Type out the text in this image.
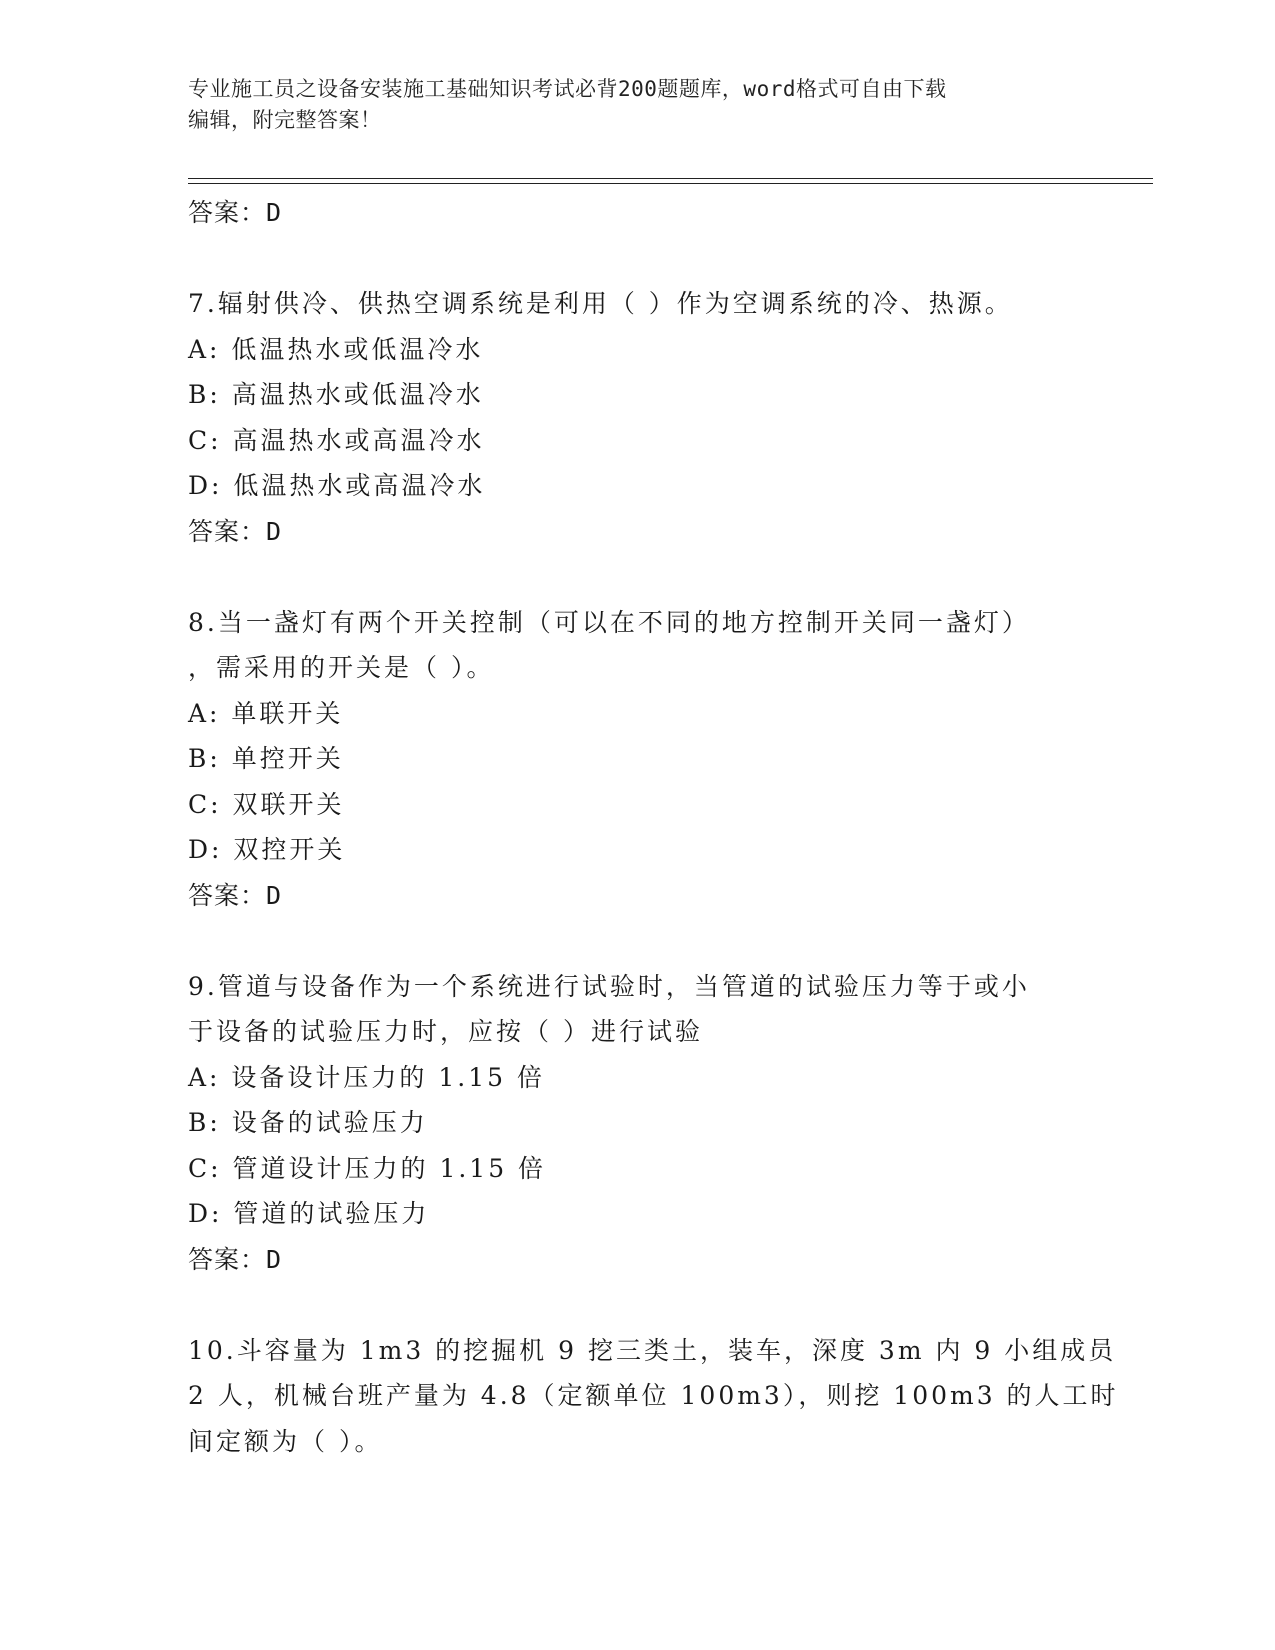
专业施工员之设备安装施工基础知识考试必背200题题库，word格式可自由下载
编辑，附完整答案！
答案：D
7.辐射供冷、供热空调系统是利用（ ）作为空调系统的冷、热源。
A: 低温热水或低温冷水
B: 高温热水或低温冷水
C: 高温热水或高温冷水
D: 低温热水或高温冷水
答案：D
8.当一盏灯有两个开关控制（可以在不同的地方控制开关同一盏灯）
，需采用的开关是（ ）。
A: 单联开关
B: 单控开关
C: 双联开关
D: 双控开关
答案：D
9.管道与设备作为一个系统进行试验时，当管道的试验压力等于或小
于设备的试验压力时，应按（ ）进行试验
A: 设备设计压力的 1.15 倍
B: 设备的试验压力
C: 管道设计压力的 1.15 倍
D: 管道的试验压力
答案：D
10.斗容量为 1m3 的挖掘机 9 挖三类土，装车，深度 3m 内 9 小组成员
2 人，机械台班产量为 4.8（定额单位 100m3），则挖 100m3 的人工时
间定额为（ ）。
